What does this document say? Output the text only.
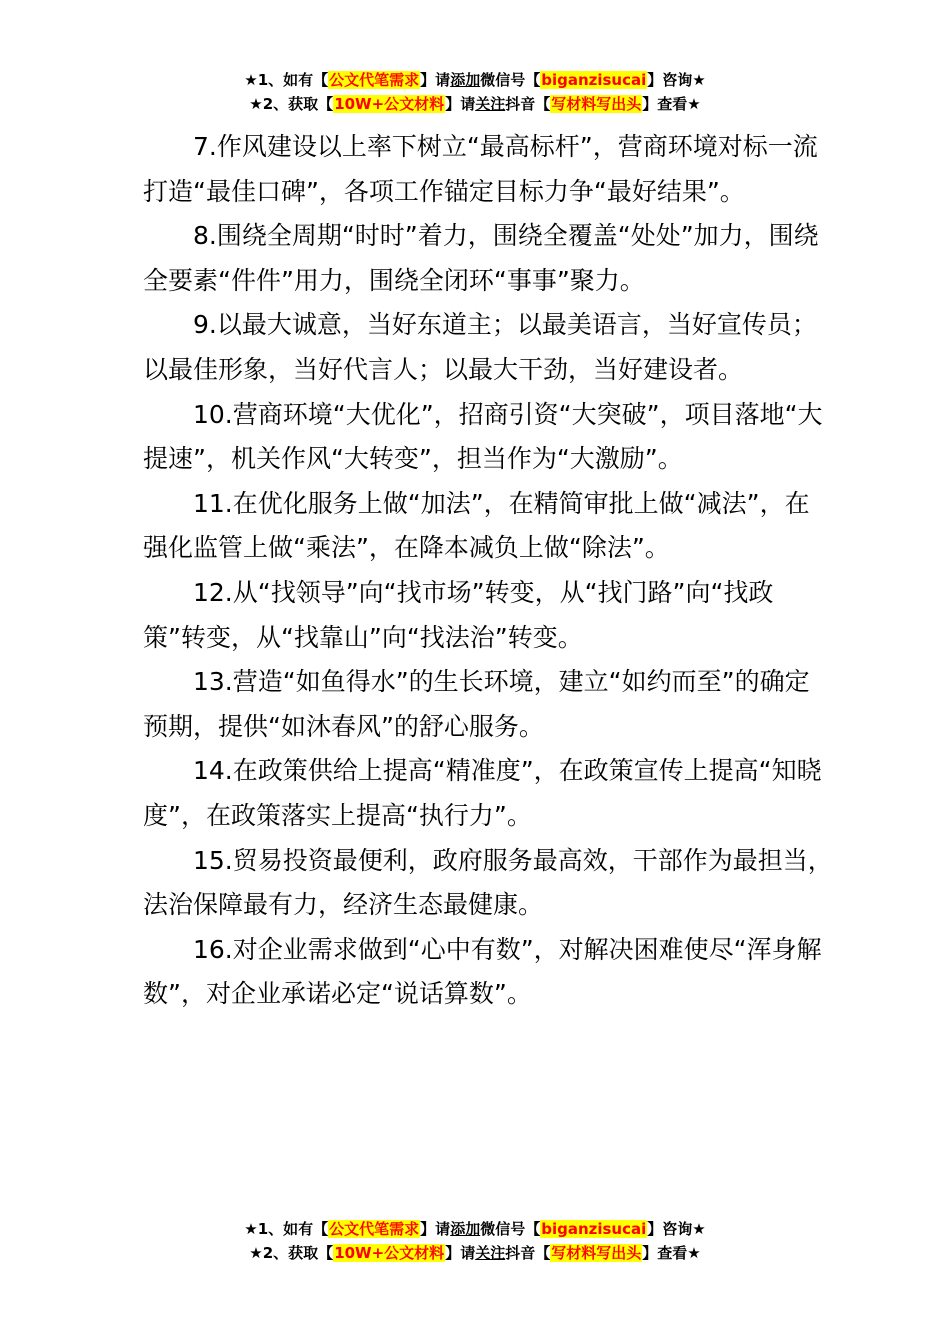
★1、如有【公文代笔需求】请添加微信号【biganzisucai】咨询★
★2、获取【10W+公文材料】请关注抖音【写材料写出头】查看★

7.作风建设以上率下树立“最高标杆”，营商环境对标一流打造“最佳口碑”，各项工作锚定目标力争“最好结果”。

8.围绕全周期“时时”着力，围绕全覆盖“处处”加力，围绕全要素“件件”用力，围绕全闭环“事事”聚力。

9.以最大诚意，当好东道主；以最美语言，当好宣传员；以最佳形象，当好代言人；以最大干劲，当好建设者。

10.营商环境“大优化”，招商引资“大突破”，项目落地“大提速”，机关作风“大转变”，担当作为“大激励”。

11.在优化服务上做“加法”，在精简审批上做“减法”，在强化监管上做“乘法”，在降本减负上做“除法”。

12.从“找领导”向“找市场”转变，从“找门路”向“找政策”转变，从“找靠山”向“找法治”转变。

13.营造“如鱼得水”的生长环境，建立“如约而至”的确定预期，提供“如沐春风”的舒心服务。

14.在政策供给上提高“精准度”，在政策宣传上提高“知晓度”，在政策落实上提高“执行力”。

15.贸易投资最便利，政府服务最高效，干部作为最担当，法治保障最有力，经济生态最健康。

16.对企业需求做到“心中有数”，对解决困难使尽“浑身解数”，对企业承诺必定“说话算数”。

★1、如有【公文代笔需求】请添加微信号【biganzisucai】咨询★
★2、获取【10W+公文材料】请关注抖音【写材料写出头】查看★
